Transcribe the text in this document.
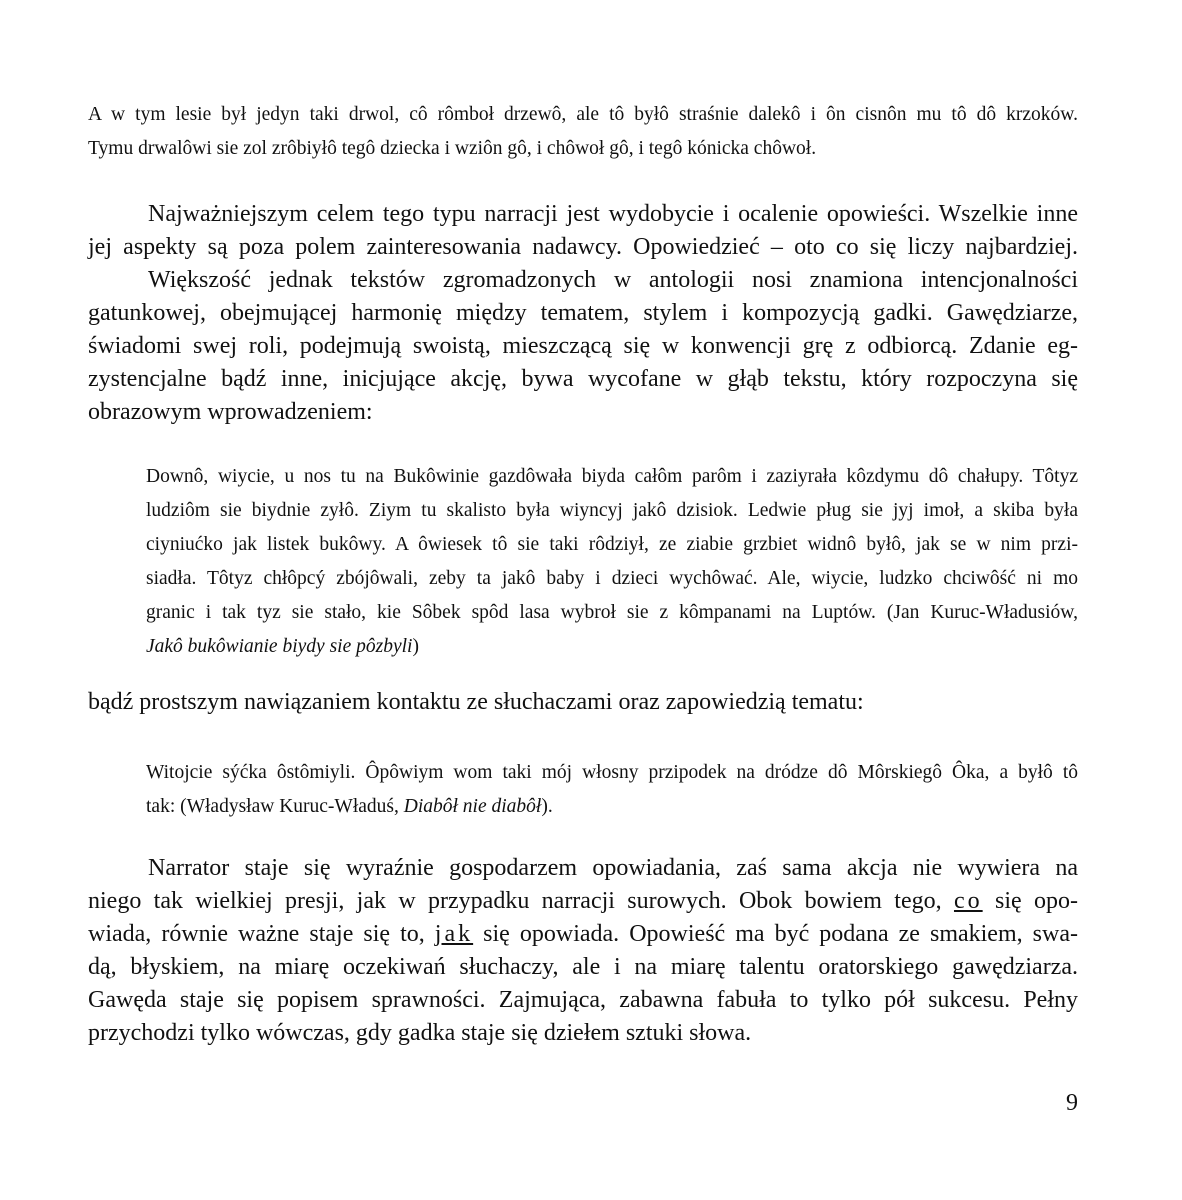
A w tym lesie był jedyn taki drwol, cô rômboł drzewô, ale tô byłô straśnie dalekô i ôn cisnôn mu tô dô krzoków.
Tymu drwalôwi sie zol zrôbiyłô tegô dziecka i wziôn gô, i chôwoł gô, i tegô kónicka chôwoł.
Najważniejszym celem tego typu narracji jest wydobycie i ocalenie opowieści. Wszelkie inne
jej aspekty są poza polem zainteresowania nadawcy. Opowiedzieć – oto co się liczy najbardziej.
Większość jednak tekstów zgromadzonych w antologii nosi znamiona intencjonalności
gatunkowej, obejmującej harmonię między tematem, stylem i kompozycją gadki. Gawędziarze,
świadomi swej roli, podejmują swoistą, mieszczącą się w konwencji grę z odbiorcą. Zdanie eg-
zystencjalne bądź inne, inicjujące akcję, bywa wycofane w głąb tekstu, który rozpoczyna się
obrazowym wprowadzeniem:
Downô, wiycie, u nos tu na Bukôwinie gazdôwała biyda całôm parôm i zaziyrała kôzdymu dô chałupy. Tôtyz
ludziôm sie biydnie zyłô. Ziym tu skalisto była wiyncyj jakô dzisiok. Ledwie pług sie jyj imoł, a skiba była
ciyniućko jak listek bukôwy. A ôwiesek tô sie taki rôdziył, ze ziabie grzbiet widnô byłô, jak se w nim przi-
siadła. Tôtyz chłôpcý zbójôwali, zeby ta jakô baby i dzieci wychôwać. Ale, wiycie, ludzko chciwôść ni mo
granic i tak tyz sie stało, kie Sôbek spôd lasa wybroł sie z kômpanami na Luptów. (Jan Kuruc-Władusiów,
Jakô bukôwianie biydy sie pôzbyli)
bądź prostszym nawiązaniem kontaktu ze słuchaczami oraz zapowiedzią tematu:
Witojcie sýćka ôstômiyli. Ôpôwiym wom taki mój włosny przipodek na dródze dô Môrskiegô Ôka, a byłô tô
tak: (Władysław Kuruc-Właduś, Diabôł nie diabôł).
Narrator staje się wyraźnie gospodarzem opowiadania, zaś sama akcja nie wywiera na
niego tak wielkiej presji, jak w przypadku narracji surowych. Obok bowiem tego, co się opo-
wiada, równie ważne staje się to, jak się opowiada. Opowieść ma być podana ze smakiem, swa-
dą, błyskiem, na miarę oczekiwań słuchaczy, ale i na miarę talentu oratorskiego gawędziarza.
Gawęda staje się popisem sprawności. Zajmująca, zabawna fabuła to tylko pół sukcesu. Pełny
przychodzi tylko wówczas, gdy gadka staje się dziełem sztuki słowa.
9
